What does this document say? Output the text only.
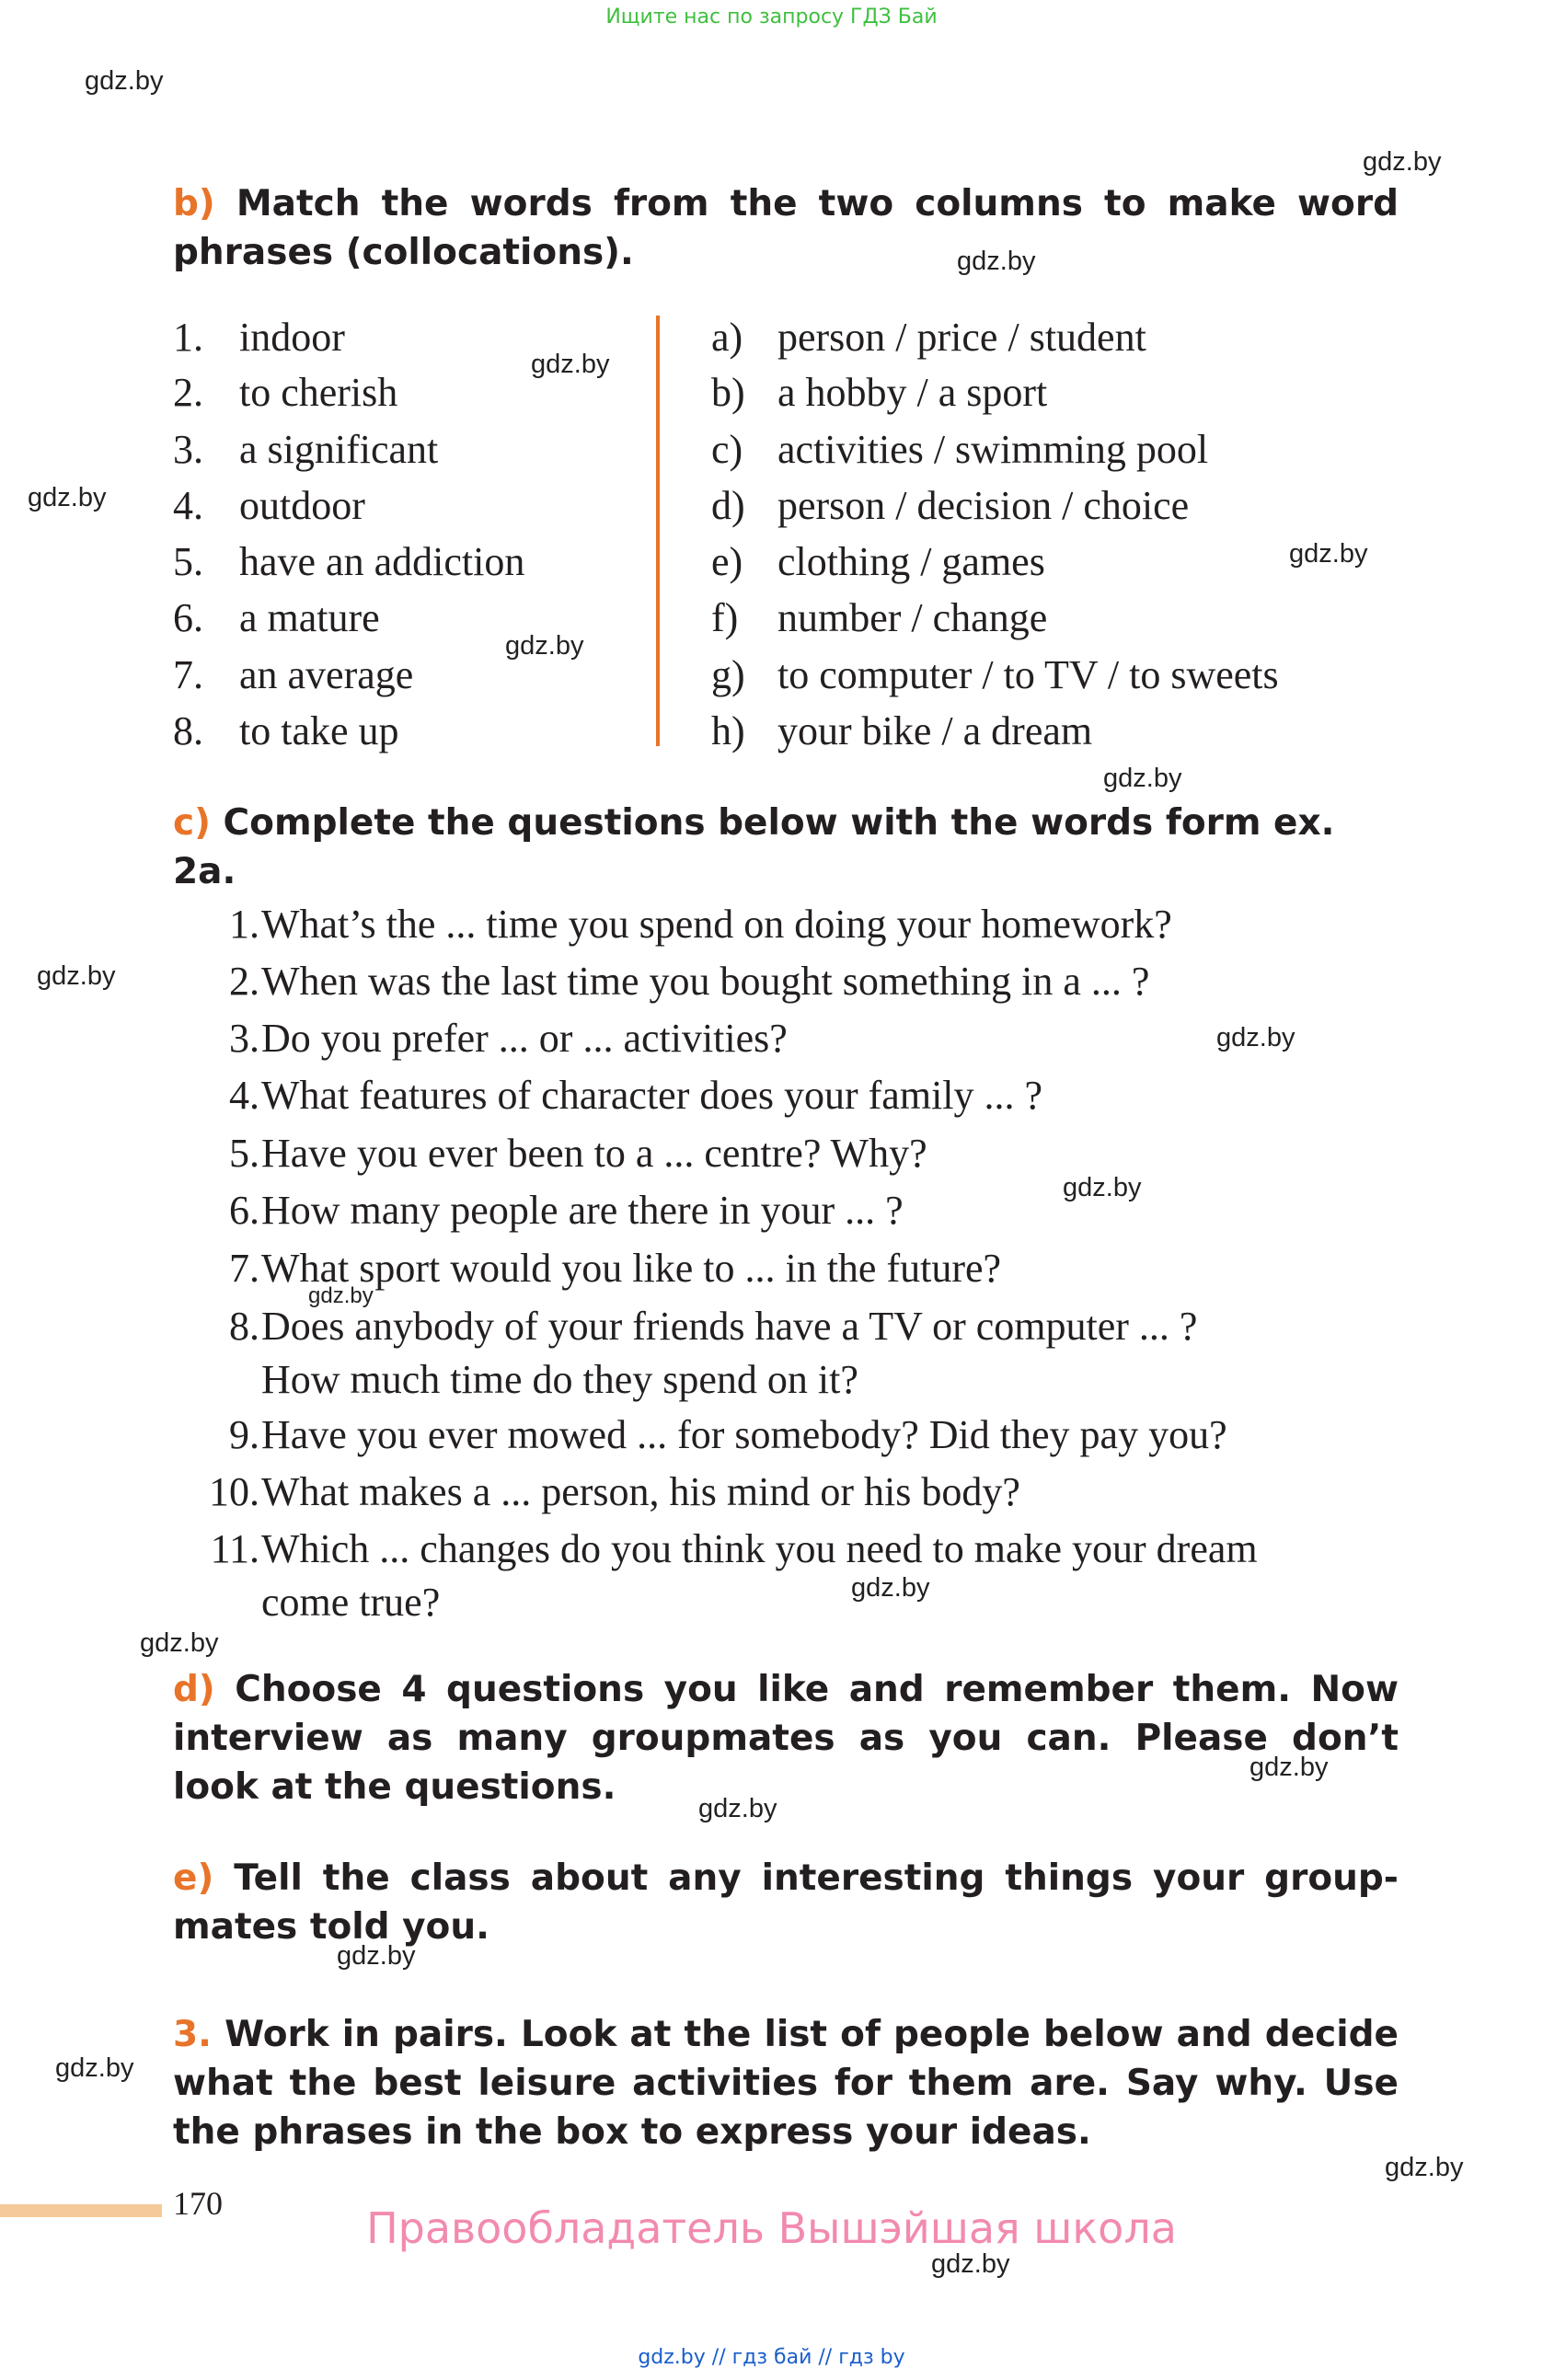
Ищите нас по запросу ГДЗ Бай
gdz.by
gdz.by
gdz.by
gdz.by
gdz.by
gdz.by
gdz.by
gdz.by
gdz.by
gdz.by
gdz.by
gdz.by
gdz.by
gdz.by
gdz.by
gdz.by
gdz.by
gdz.by
gdz.by
gdz.by
b) Match the words from the two columns to make word phrases (collocations).
1. indoor
2. to cherish
3. a significant
4. outdoor
5. have an addiction
6. a mature
7. an average
8. to take up
a) person / price / student
b) a hobby / a sport
c) activities / swimming pool
d) person / decision / choice
e) clothing / games
f) number / change
g) to computer / to TV / to sweets
h) your bike / a dream
c) Complete the questions below with the words form ex. 2a.
1. What’s the ... time you spend on doing your homework?
2. When was the last time you bought something in a ... ?
3. Do you prefer ... or ... activities?
4. What features of character does your family ... ?
5. Have you ever been to a ... centre? Why?
6. How many people are there in your ... ?
7. What sport would you like to ... in the future?
8. Does anybody of your friends have a TV or computer ... ?
How much time do they spend on it?
9. Have you ever mowed ... for somebody? Did they pay you?
10. What makes a ... person, his mind or his body?
11. Which ... changes do you think you need to make your dream
come true?
d) Choose 4 questions you like and remember them. Now interview as many groupmates as you can. Please don’t look at the questions.
e) Tell the class about any interesting things your group-mates told you.
3. Work in pairs. Look at the list of people below and decide what the best leisure activities for them are. Say why. Use the phrases in the box to express your ideas.
170	Правообладатель Вышэйшая школа
gdz.by // гдз бай // гдз by
